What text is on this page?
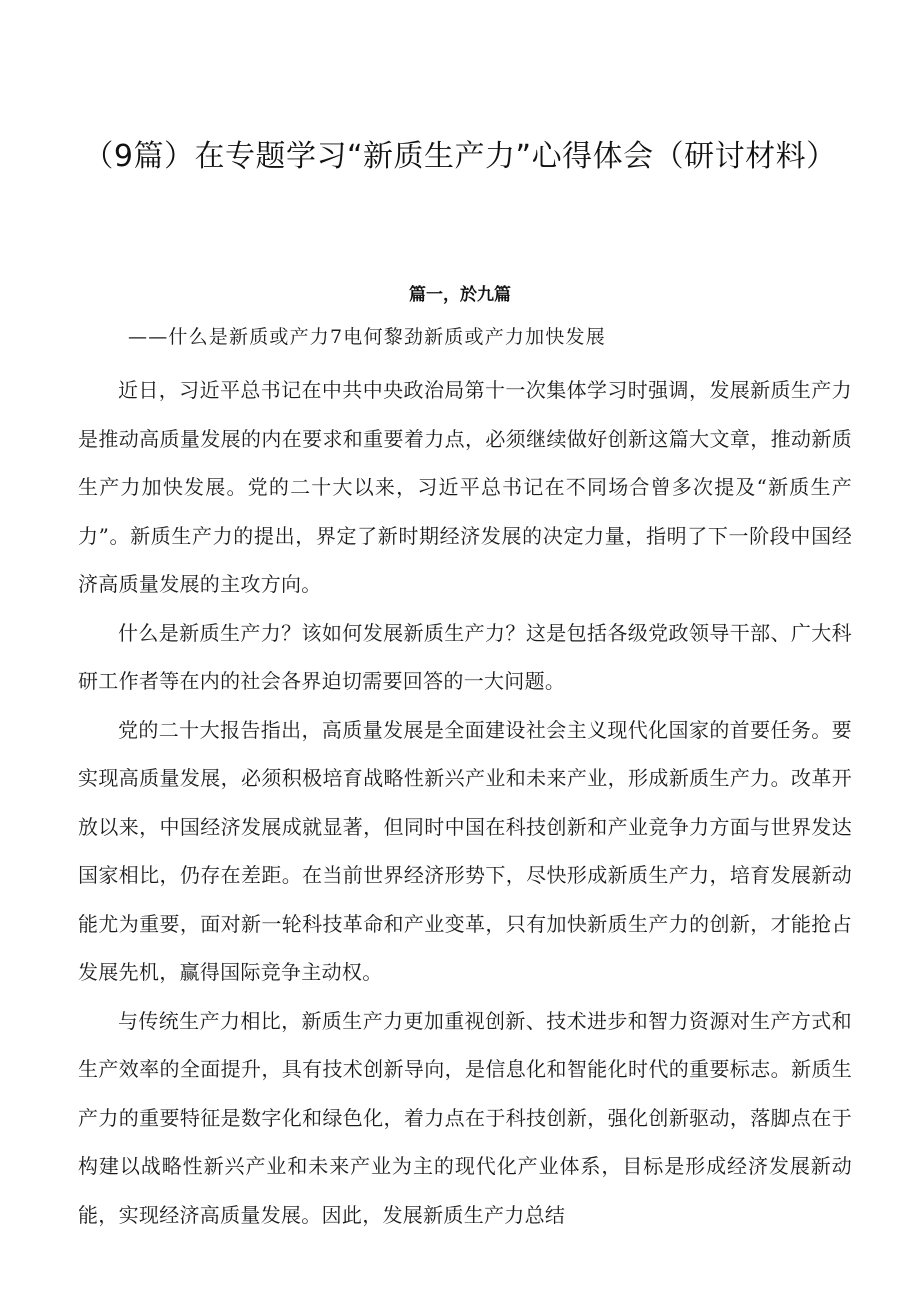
（9篇）在专题学习“新质生产力”心得体会（研讨材料）
篇一，於九篇
——什么是新质或产力7电何黎劲新质或产力加快发展

近日，习近平总书记在中共中央政治局第十一次集体学习时强调，发展新质生产力是推动高质量发展的内在要求和重要着力点，必须继续做好创新这篇大文章，推动新质生产力加快发展。党的二十大以来，习近平总书记在不同场合曾多次提及“新质生产力”。新质生产力的提出，界定了新时期经济发展的决定力量，指明了下一阶段中国经济高质量发展的主攻方向。

什么是新质生产力？该如何发展新质生产力？这是包括各级党政领导干部、广大科研工作者等在内的社会各界迫切需要回答的一大问题。

党的二十大报告指出，高质量发展是全面建设社会主义现代化国家的首要任务。要实现高质量发展，必须积极培育战略性新兴产业和未来产业，形成新质生产力。改革开放以来，中国经济发展成就显著，但同时中国在科技创新和产业竞争力方面与世界发达国家相比，仍存在差距。在当前世界经济形势下，尽快形成新质生产力，培育发展新动能尤为重要，面对新一轮科技革命和产业变革，只有加快新质生产力的创新，才能抢占发展先机，赢得国际竞争主动权。

与传统生产力相比，新质生产力更加重视创新、技术进步和智力资源对生产方式和生产效率的全面提升，具有技术创新导向，是信息化和智能化时代的重要标志。新质生产力的重要特征是数字化和绿色化，着力点在于科技创新，强化创新驱动，落脚点在于构建以战略性新兴产业和未来产业为主的现代化产业体系，目标是形成经济发展新动能，实现经济高质量发展。因此，发展新质生产力总结
